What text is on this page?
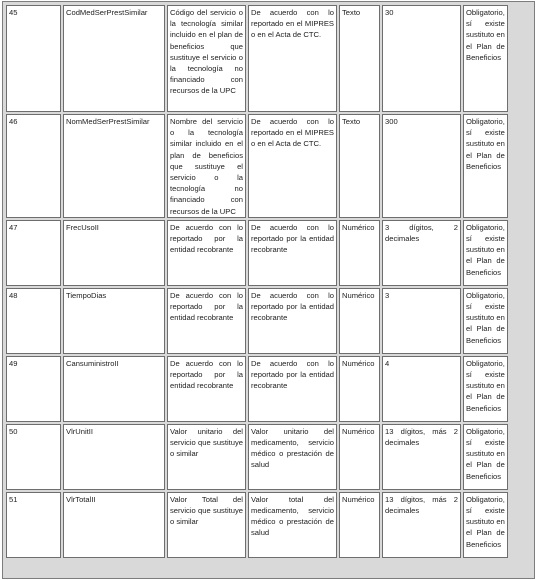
45	CodMedSerPrestSimilar	Código del servicio o la tecnología similar incluido en el plan de beneficios que sustituye el servicio o la tecnología no financiado con recursos de la UPC	De acuerdo con lo reportado en el MIPRES o en el Acta de CTC.	Texto	30	Obligatorio, sí existe sustituto en el Plan de Beneficios
46	NomMedSerPrestSimilar	Nombre del servicio o la tecnología similar incluido en el plan de beneficios que sustituye el servicio o la tecnología no financiado con recursos de la UPC	De acuerdo con lo reportado en el MIPRES o en el Acta de CTC.	Texto	300	Obligatorio, sí existe sustituto en el Plan de Beneficios
47	FrecUsoII	De acuerdo con lo reportado por la entidad recobrante	De acuerdo con lo reportado por la entidad recobrante	Numérico	3 dígitos, 2 decimales	Obligatorio, sí existe sustituto en el Plan de Beneficios
48	TiempoDias	De acuerdo con lo reportado por la entidad recobrante	De acuerdo con lo reportado por la entidad recobrante	Numérico	3	Obligatorio, sí existe sustituto en el Plan de Beneficios
49	CansuministroII	De acuerdo con lo reportado por la entidad recobrante	De acuerdo con lo reportado por la entidad recobrante	Numérico	4	Obligatorio, sí existe sustituto en el Plan de Beneficios
50	VlrUnitII	Valor unitario del servicio que sustituye o similar	Valor unitario del medicamento, servicio médico o prestación de salud	Numérico	13 dígitos, más 2 decimales	Obligatorio, sí existe sustituto en el Plan de Beneficios
51	VlrTotalII	Valor Total del servicio que sustituye o similar	Valor total del medicamento, servicio médico o prestación de salud	Numérico	13 dígitos, más 2 decimales	Obligatorio, sí existe sustituto en el Plan de Beneficios
